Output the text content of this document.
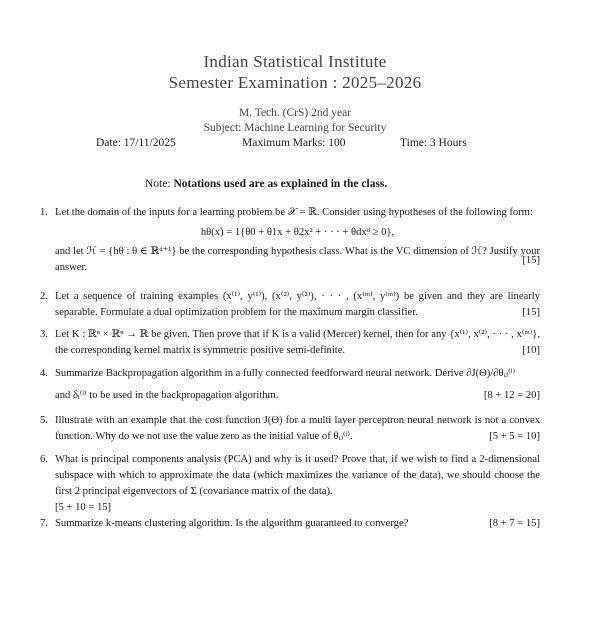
Indian Statistical Institute
Semester Examination : 2025–2026
M. Tech. (CrS) 2nd year
Subject: Machine Learning for Security
Date: 17/11/2025	Maximum Marks: 100	Time: 3 Hours
Note: Notations used are as explained in the class.
1. Let the domain of the inputs for a learning problem be 𝒳 = ℝ. Consider using hypotheses of the following form:
hθ(x) = 1{θ0 + θ1x + θ2x² + · · · + θdxᵈ ≥ 0},
and let ℋ = {hθ : θ ∈ ℝᵈ⁺¹} be the corresponding hypothesis class. What is the VC dimension of ℋ? Justify your answer.
[15]
2. Let a sequence of training examples (x⁽¹⁾, y⁽¹⁾), (x⁽²⁾, y⁽²⁾), · · · , (x⁽ᵐ⁾, y⁽ᵐ⁾) be given and they are linearly separable. Formulate a dual optimization problem for the maximum margin classifier.	[15]
3. Let K : ℝⁿ × ℝⁿ → ℝ be given. Then prove that if K is a valid (Mercer) kernel, then for any {x⁽¹⁾, x⁽²⁾, · · · , x⁽ᵐ⁾}, the corresponding kernel matrix is symmetric positive semi-definite.	[10]
4. Summarize Backpropagation algorithm in a fully connected feedforward neural network. Derive ∂J(Θ)/∂θᵢⱼ⁽ˡ⁾
and δᵢ⁽ˡ⁾ to be used in the backpropagation algorithm.	[8 + 12 = 20]
5. Illustrate with an example that the cost function J(Θ) for a multi layer perceptron neural network is not a convex function. Why do we not use the value zero as the initial value of θᵢⱼ⁽ˡ⁾.	[5 + 5 = 10]
6. What is principal components analysis (PCA) and why is it used? Prove that, if we wish to find a 2-dimensional subspace with which to approximate the data (which maximizes the variance of the data), we should choose the first 2 principal eigenvectors of Σ (covariance matrix of the data).
[5 + 10 = 15]
7. Summarize k-means clustering algorithm. Is the algorithm guaranteed to converge?	[8 + 7 = 15]
